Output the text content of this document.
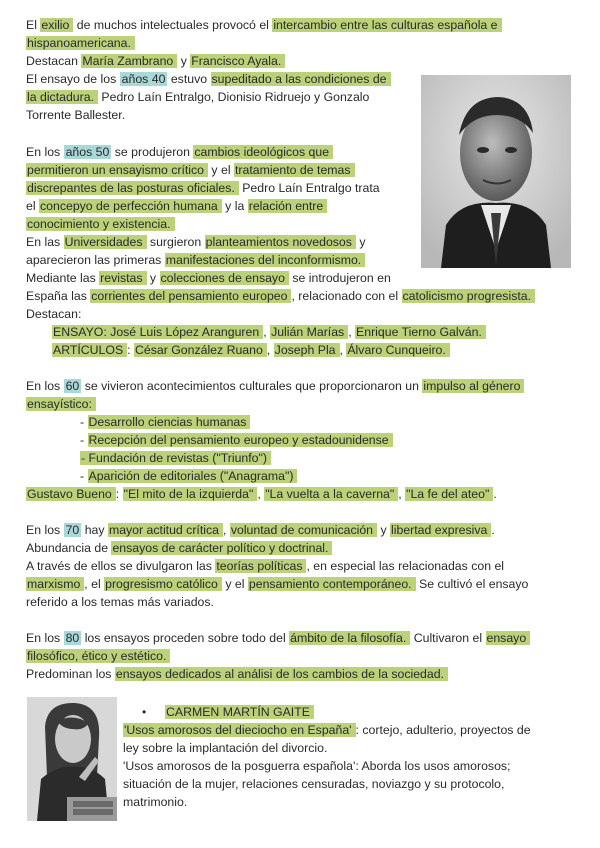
El exilio de muchos intelectuales provocó el intercambio entre las culturas española e
hispanoamericana.
Destacan María Zambrano y Francisco Ayala.
El ensayo de los años 40 estuvo supeditado a las condiciones de
la dictadura. Pedro Laín Entralgo, Dionisio Ridruejo y Gonzalo
Torrente Ballester.
En los años 50 se produjeron cambios ideológicos que
permitieron un ensayismo crítico y el tratamiento de temas
discrepantes de las posturas oficiales. Pedro Laín Entralgo trata
el concepyo de perfección humana y la relación entre
conocimiento y existencia.
En las Universidades surgieron planteamientos novedosos y
aparecieron las primeras manifestaciones del inconformismo.
Mediante las revistas y colecciones de ensayo se introdujeron en
España las corrientes del pensamiento europeo , relacionado con el catolicismo progresista.
Destacan:
ENSAYO: José Luis López Aranguren , Julián Marías , Enrique Tierno Galván.
ARTÍCULOS : César González Ruano , Joseph Pla , Álvaro Cunqueiro.
En los 60 se vivieron acontecimientos culturales que proporcionaron un impulso al género
ensayístico:
- Desarrollo ciencias humanas
- Recepción del pensamiento europeo y estadounidense
- Fundación de revistas ("Triunfo")
- Aparición de editoriales ("Anagrama")
Gustavo Bueno : "El mito de la izquierda" , "La vuelta a la caverna" , "La fe del ateo" .
En los 70 hay mayor actitud crítica , voluntad de comunicación y libertad expresiva .
Abundancia de ensayos de carácter político y doctrinal.
A través de ellos se divulgaron las teorías políticas , en especial las relacionadas con el
marxismo , el progresismo católico y el pensamiento contemporáneo. Se cultivó el ensayo
referido a los temas más variados.
En los 80 los ensayos proceden sobre todo del ámbito de la filosofía. Cultivaron el ensayo
filosófico, ético y estético.
Predominan los ensayos dedicados al análisi de los cambios de la sociedad.
• CARMEN MARTÍN GAITE
'Usos amorosos del dieciocho en España' : cortejo, adulterio, proyectos de
ley sobre la implantación del divorcio.
'Usos amorosos de la posguerra española': Aborda los usos amorosos;
situación de la mujer, relaciones censuradas, noviazgo y su protocolo,
matrimonio.
